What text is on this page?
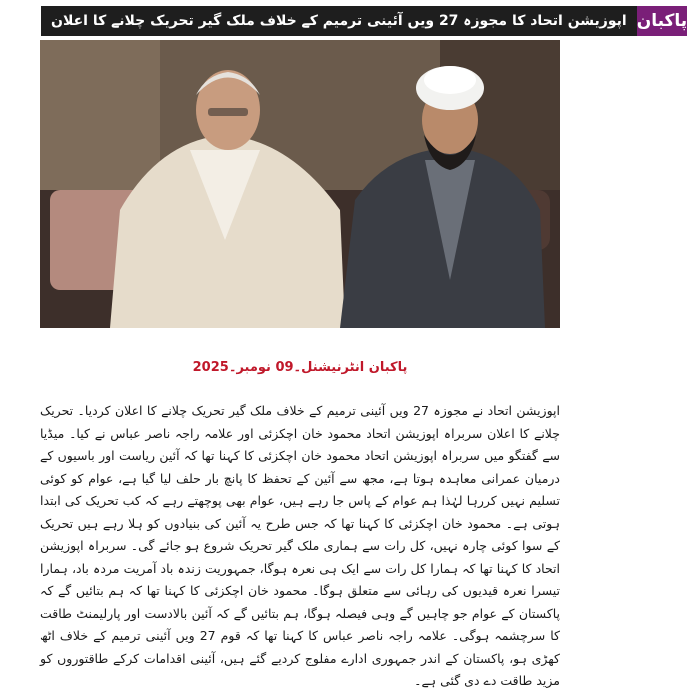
اپوزیشن اتحاد کا مجوزہ 27 ویں آئینی ترمیم کے خلاف ملک گیر تحریک چلانے کا اعلان پاکبان
پاکبان انٹرنیشنل۔09 نومبر۔2025

اپوزیشن اتحاد نے مجوزہ 27 ویں آئینی ترمیم کے خلاف ملک گیر تحریک چلانے کا اعلان کردیا۔ تحریک چلانے کا اعلان سربراہ اپوزیشن اتحاد محمود خان اچکزئی اور علامہ راجہ ناصر عباس نے کیا۔ میڈیا سے گفتگو میں سربراہ اپوزیشن اتحاد محمود خان اچکزئی کا کہنا تھا کہ آئین ریاست اور باسیوں کے درمیان عمرانی معاہدہ ہوتا ہے، مجھ سے آئین کے تحفظ کا پانچ بار حلف لیا گیا ہے، عوام کو کوئی تسلیم نہیں کررہا لہٰذا ہم عوام کے پاس جا رہے ہیں، عوام بھی پوچھتے رہے کہ کب تحریک کی ابتدا ہوتی ہے۔ محمود خان اچکزئی کا کہنا تھا کہ جس طرح یہ آئین کی بنیادوں کو ہلا رہے ہیں تحریک کے سوا کوئی چارہ نہیں، کل رات سے ہماری ملک گیر تحریک شروع ہو جائے گی۔ سربراہ اپوزیشن اتحاد کا کہنا تھا کہ ہمارا کل رات سے ایک ہی نعرہ ہوگا، جمہوریت زندہ باد آمریت مردہ باد، ہمارا تیسرا نعرہ قیدیوں کی رہائی سے متعلق ہوگا۔ محمود خان اچکزئی کا کہنا تھا کہ ہم بتائیں گے کہ پاکستان کے عوام جو چاہیں گے وہی فیصلہ ہوگا، ہم بتائیں گے کہ آئین بالادست اور پارلیمنٹ طاقت کا سرچشمہ ہوگی۔ علامہ راجہ ناصر عباس کا کہنا تھا کہ قوم 27 ویں آئینی ترمیم کے خلاف اٹھ کھڑی ہو، پاکستان کے اندر جمہوری ادارے مفلوج کردیے گئے ہیں، آئینی اقدامات کرکے طاقتوروں کو مزید طاقت دے دی گئی ہے۔
